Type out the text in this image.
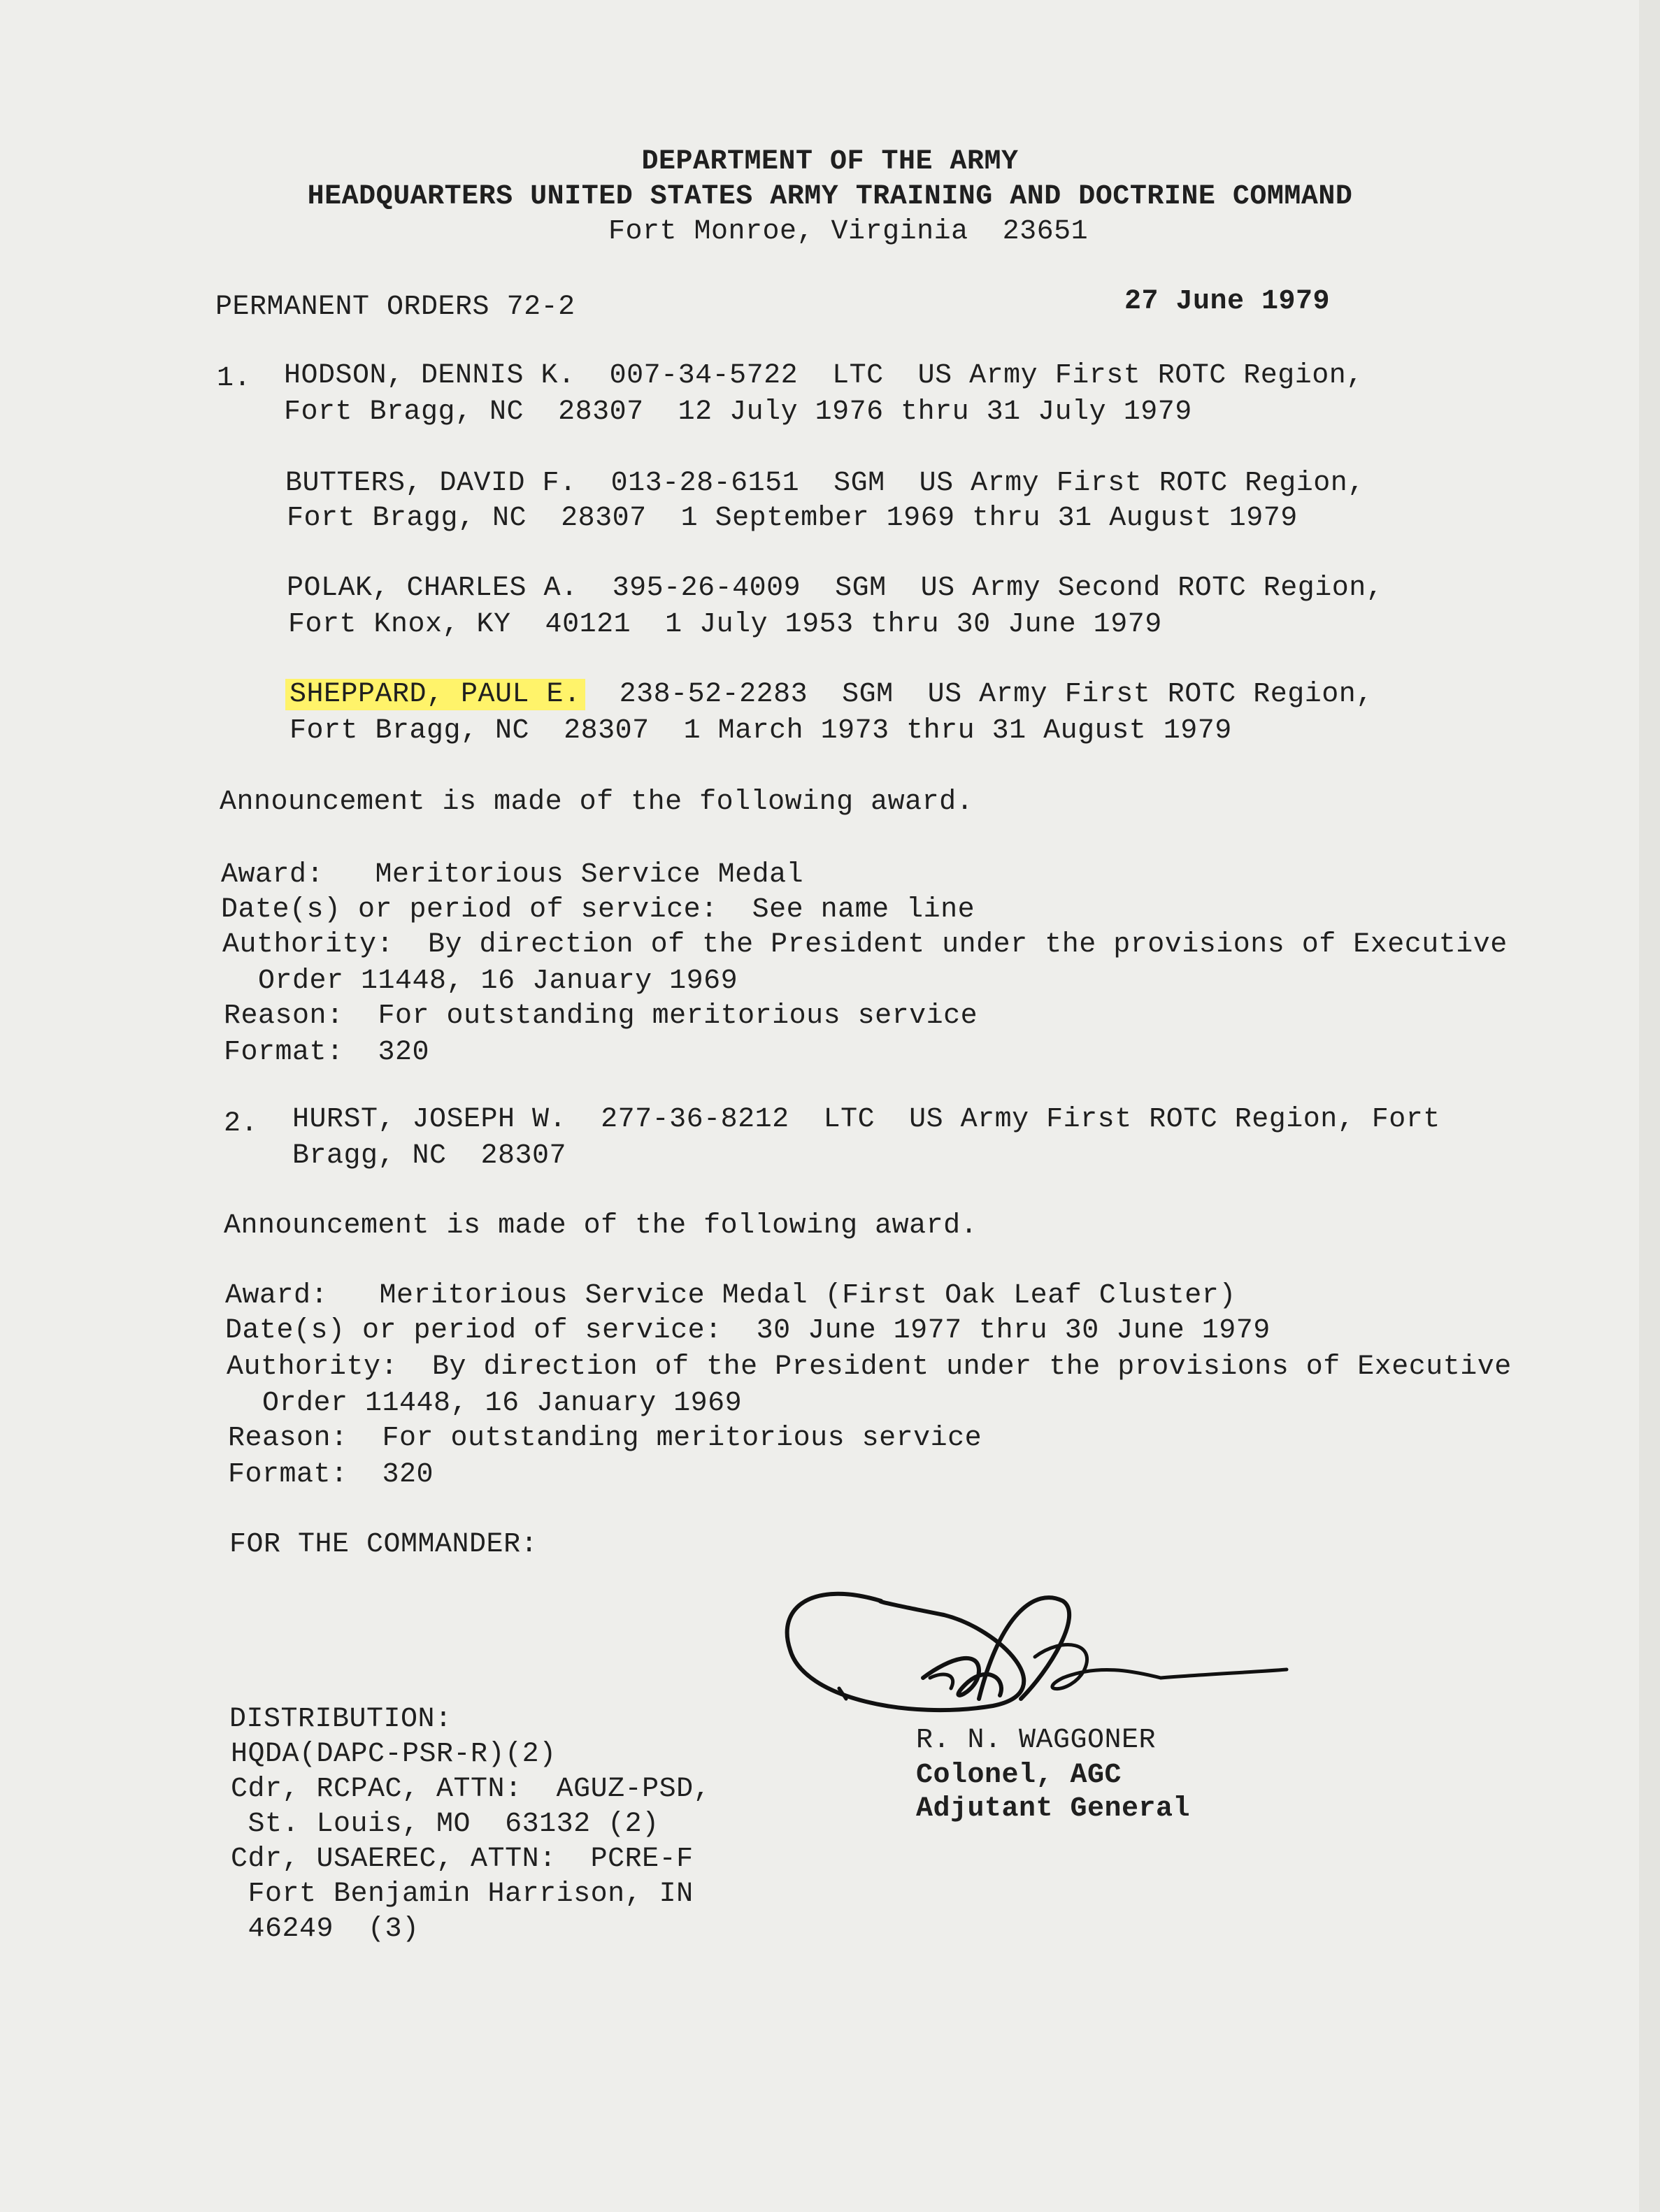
DEPARTMENT OF THE ARMY
HEADQUARTERS UNITED STATES ARMY TRAINING AND DOCTRINE COMMAND
Fort Monroe, Virginia  23651
PERMANENT ORDERS 72-2	27 June 1979
1. HODSON, DENNIS K.  007-34-5722  LTC  US Army First ROTC Region,
Fort Bragg, NC  28307  12 July 1976 thru 31 July 1979
BUTTERS, DAVID F.  013-28-6151  SGM  US Army First ROTC Region,
Fort Bragg, NC  28307  1 September 1969 thru 31 August 1979
POLAK, CHARLES A.  395-26-4009  SGM  US Army Second ROTC Region,
Fort Knox, KY  40121  1 July 1953 thru 30 June 1979
SHEPPARD, PAUL E.  238-52-2283  SGM  US Army First ROTC Region,
Fort Bragg, NC  28307  1 March 1973 thru 31 August 1979
Announcement is made of the following award.
Award:   Meritorious Service Medal
Date(s) or period of service:  See name line
Authority:  By direction of the President under the provisions of Executive
Order 11448, 16 January 1969
Reason:  For outstanding meritorious service
Format:  320
2. HURST, JOSEPH W.  277-36-8212  LTC  US Army First ROTC Region, Fort
Bragg, NC  28307
Announcement is made of the following award.
Award:   Meritorious Service Medal (First Oak Leaf Cluster)
Date(s) or period of service:  30 June 1977 thru 30 June 1979
Authority:  By direction of the President under the provisions of Executive
Order 11448, 16 January 1969
Reason:  For outstanding meritorious service
Format:  320
FOR THE COMMANDER:
DISTRIBUTION:
HQDA(DAPC-PSR-R)(2)
Cdr, RCPAC, ATTN:  AGUZ-PSD,
St. Louis, MO  63132 (2)
Cdr, USAEREC, ATTN:  PCRE-F
Fort Benjamin Harrison, IN
46249  (3)
R. N. WAGGONER
Colonel, AGC
Adjutant General
